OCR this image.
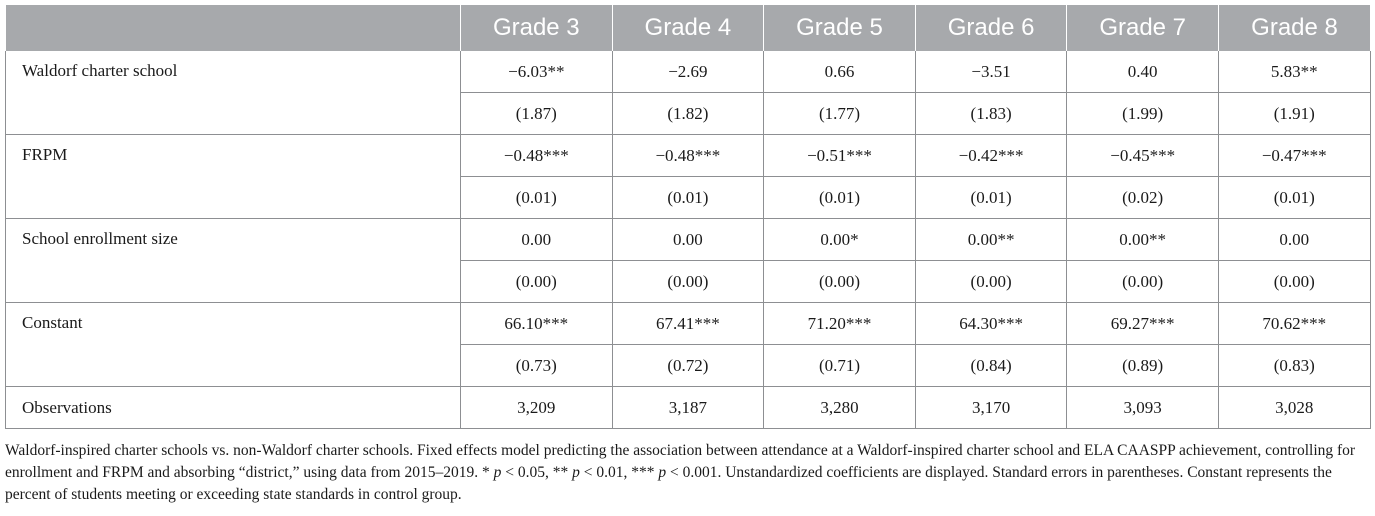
	Grade 3	Grade 4	Grade 5	Grade 6	Grade 7	Grade 8
Waldorf charter school	−6.03**	−2.69	0.66	−3.51	0.40	5.83**
	(1.87)	(1.82)	(1.77)	(1.83)	(1.99)	(1.91)
FRPM	−0.48***	−0.48***	−0.51***	−0.42***	−0.45***	−0.47***
	(0.01)	(0.01)	(0.01)	(0.01)	(0.02)	(0.01)
School enrollment size	0.00	0.00	0.00*	0.00**	0.00**	0.00
	(0.00)	(0.00)	(0.00)	(0.00)	(0.00)	(0.00)
Constant	66.10***	67.41***	71.20***	64.30***	69.27***	70.62***
	(0.73)	(0.72)	(0.71)	(0.84)	(0.89)	(0.83)
Observations	3,209	3,187	3,280	3,170	3,093	3,028
Waldorf-inspired charter schools vs. non-Waldorf charter schools. Fixed effects model predicting the association between attendance at a Waldorf-inspired charter school and ELA CAASPP achievement, controlling for enrollment and FRPM and absorbing “district,” using data from 2015–2019. * p < 0.05, ** p < 0.01, *** p < 0.001. Unstandardized coefficients are displayed. Standard errors in parentheses. Constant represents the percent of students meeting or exceeding state standards in control group.
